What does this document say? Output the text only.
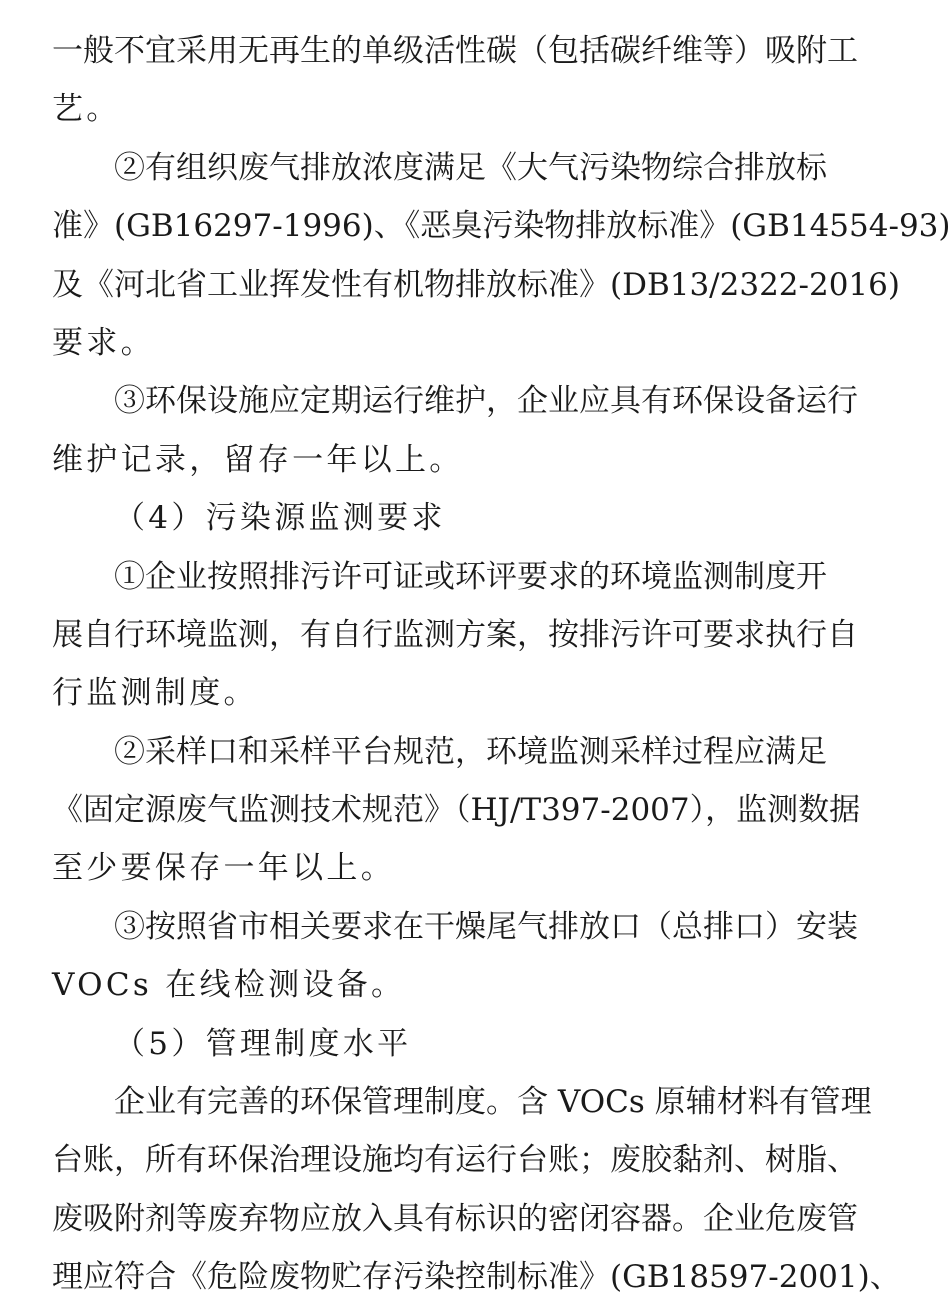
一般不宜采用无再生的单级活性碳（包括碳纤维等）吸附工

艺。

②有组织废气排放浓度满足《大气污染物综合排放标

准》(GB16297-1996)、《恶臭污染物排放标准》(GB14554-93)

及《河北省工业挥发性有机物排放标准》(DB13/2322-2016)

要求。

③环保设施应定期运行维护，企业应具有环保设备运行

维护记录，留存一年以上。

（4）污染源监测要求

①企业按照排污许可证或环评要求的环境监测制度开

展自行环境监测，有自行监测方案，按排污许可要求执行自

行监测制度。

②采样口和采样平台规范，环境监测采样过程应满足

《固定源废气监测技术规范》（HJ/T397-2007），监测数据

至少要保存一年以上。

③按照省市相关要求在干燥尾气排放口（总排口）安装

VOCs 在线检测设备。

（5）管理制度水平

企业有完善的环保管理制度。含 VOCs 原辅材料有管理

台账，所有环保治理设施均有运行台账；废胶黏剂、树脂、

废吸附剂等废弃物应放入具有标识的密闭容器。企业危废管

理应符合《危险废物贮存污染控制标准》(GB18597-2001)、
